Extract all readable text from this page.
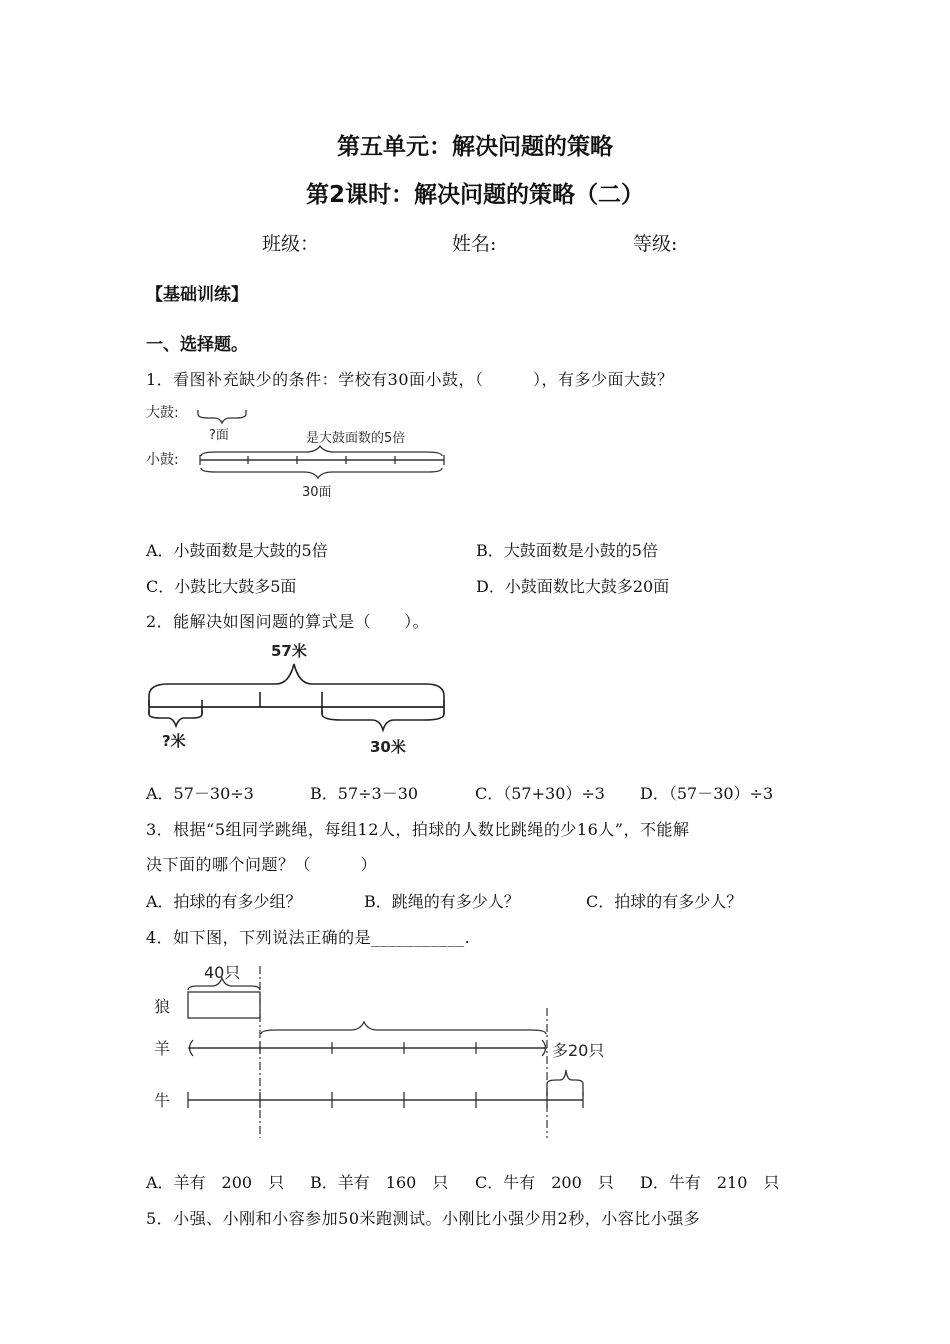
第五单元：解决问题的策略
第2课时：解决问题的策略（二）
班级：	姓名:	等级:
【基础训练】
一、选择题。
1．看图补充缺少的条件：学校有30面小鼓，（　　　），有多少面大鼓？
大鼓:
?面	是大鼓面数的5倍
小鼓:
30面
A．小鼓面数是大鼓的5倍	B．大鼓面数是小鼓的5倍
C．小鼓比大鼓多5面	D．小鼓面数比大鼓多20面
2．能解决如图问题的算式是（　　）。
57米
?米	30米
A．57－30÷3	B．57÷3－30	C．（57+30）÷3 D．（57－30）÷3
3．根据“5组同学跳绳，每组12人，拍球的人数比跳绳的少16人”，不能解
决下面的哪个问题？（　　　）
A．拍球的有多少组？	B．跳绳的有多少人？	C．拍球的有多少人？
4．如下图，下列说法正确的是___________.
40只
狼
羊	多20只
牛
A．羊有　200　只 B．羊有　160　只 C．牛有　200　只 D．牛有　210　只
5．小强、小刚和小容参加50米跑测试。小刚比小强少用2秒，小容比小强多
